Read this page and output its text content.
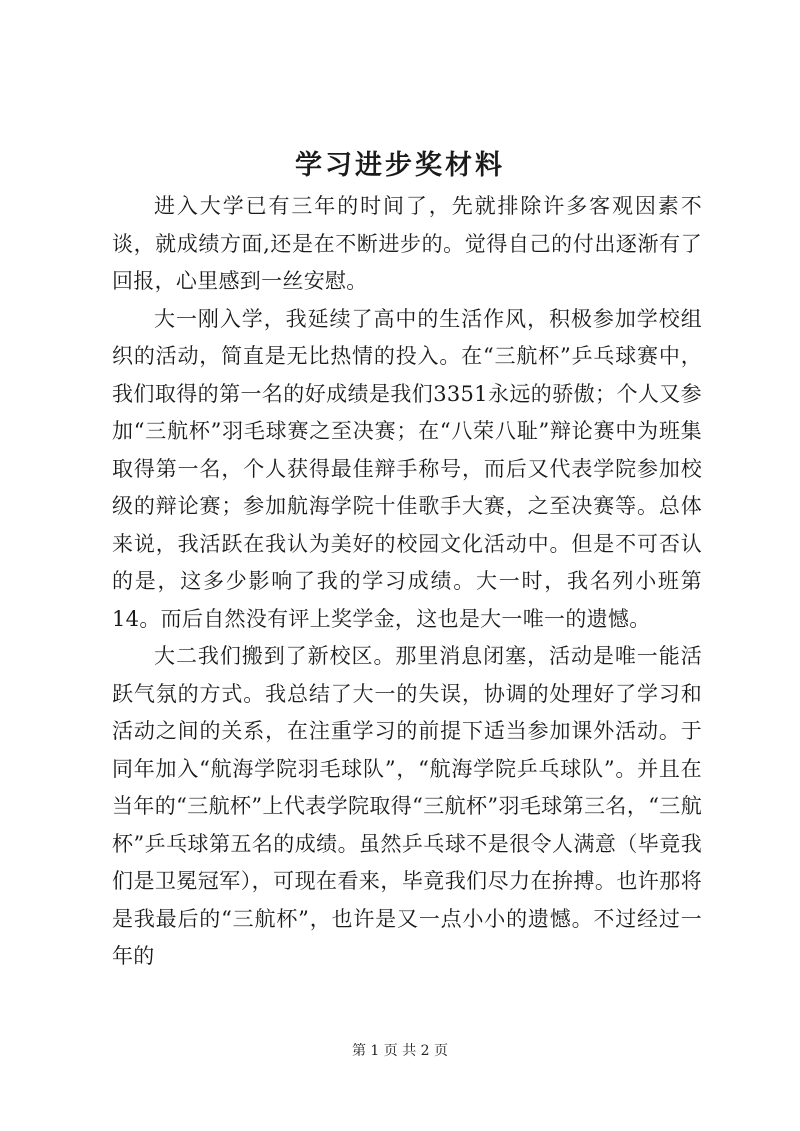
学习进步奖材料

进入大学已有三年的时间了，先就排除许多客观因素不谈，就成绩方面,还是在不断进步的。觉得自己的付出逐渐有了回报，心里感到一丝安慰。

大一刚入学，我延续了高中的生活作风，积极参加学校组织的活动，简直是无比热情的投入。在“三航杯”乒乓球赛中，我们取得的第一名的好成绩是我们3351永远的骄傲；个人又参加“三航杯”羽毛球赛之至决赛；在“八荣八耻”辩论赛中为班集取得第一名，个人获得最佳辩手称号，而后又代表学院参加校级的辩论赛；参加航海学院十佳歌手大赛，之至决赛等。总体来说，我活跃在我认为美好的校园文化活动中。但是不可否认的是，这多少影响了我的学习成绩。大一时，我名列小班第14。而后自然没有评上奖学金，这也是大一唯一的遗憾。

大二我们搬到了新校区。那里消息闭塞，活动是唯一能活跃气氛的方式。我总结了大一的失误，协调的处理好了学习和活动之间的关系，在注重学习的前提下适当参加课外活动。于同年加入“航海学院羽毛球队”，“航海学院乒乓球队”。并且在当年的“三航杯”上代表学院取得“三航杯”羽毛球第三名，“三航杯”乒乓球第五名的成绩。虽然乒乓球不是很令人满意（毕竟我们是卫冕冠军），可现在看来，毕竟我们尽力在拚搏。也许那将是我最后的“三航杯”，也许是又一点小小的遗憾。不过经过一年的

第 1 页 共 2 页
